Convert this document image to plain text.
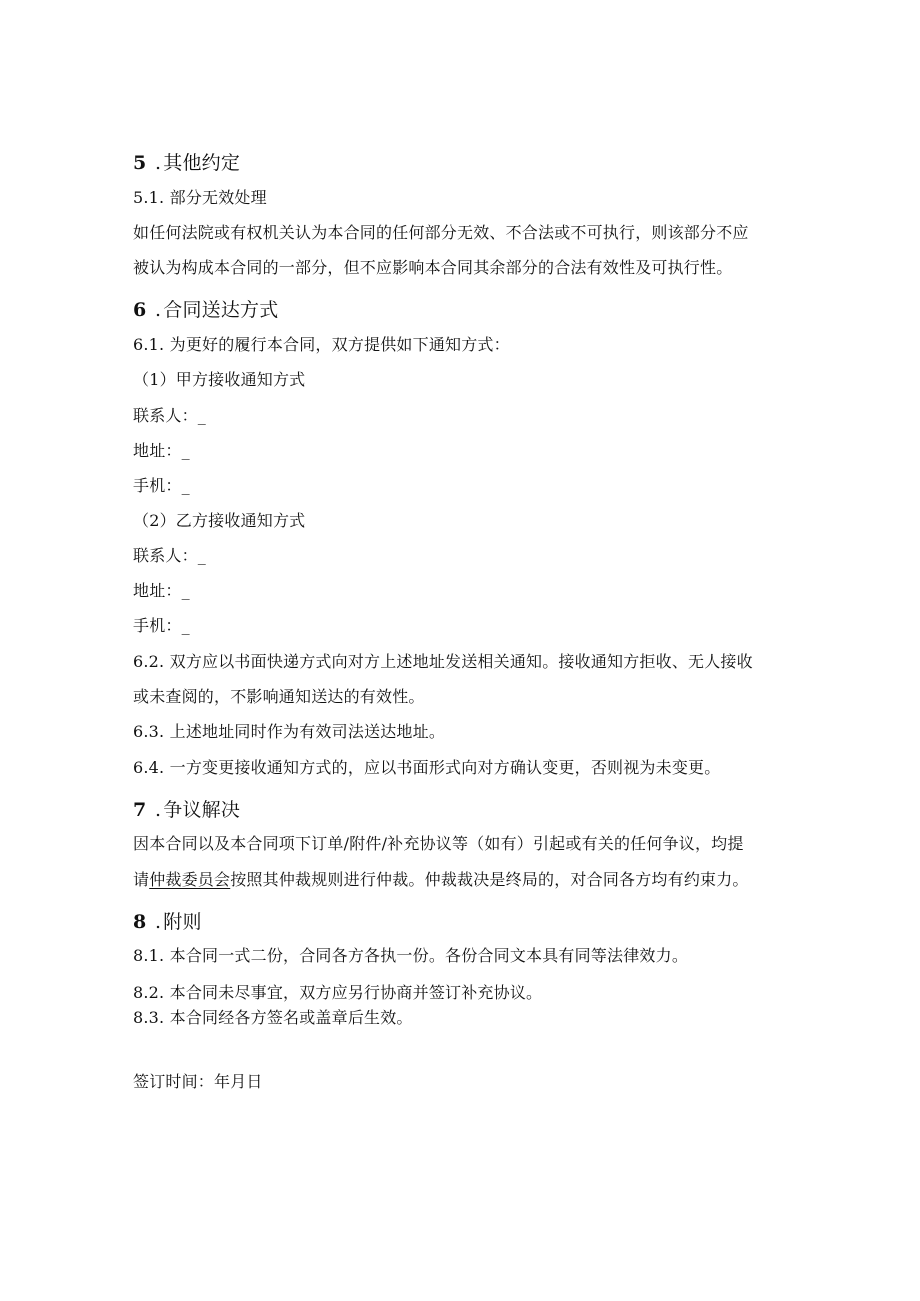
5 . 其他约定
5.1. 部分无效处理
如任何法院或有权机关认为本合同的任何部分无效、不合法或不可执行，则该部分不应
被认为构成本合同的一部分，但不应影响本合同其余部分的合法有效性及可执行性。
6 . 合同送达方式
6.1. 为更好的履行本合同，双方提供如下通知方式：
（1）甲方接收通知方式
联系人：_
地址：_
手机：_
（2）乙方接收通知方式
联系人：_
地址：_
手机：_
6.2. 双方应以书面快递方式向对方上述地址发送相关通知。接收通知方拒收、无人接收
或未查阅的，不影响通知送达的有效性。
6.3. 上述地址同时作为有效司法送达地址。
6.4. 一方变更接收通知方式的，应以书面形式向对方确认变更，否则视为未变更。
7 . 争议解决
因本合同以及本合同项下订单/附件/补充协议等（如有）引起或有关的任何争议，均提
请仲裁委员会按照其仲裁规则进行仲裁。仲裁裁决是终局的，对合同各方均有约束力。
8 . 附则
8.1. 本合同一式二份，合同各方各执一份。各份合同文本具有同等法律效力。
8.2. 本合同未尽事宜，双方应另行协商并签订补充协议。
8.3. 本合同经各方签名或盖章后生效。
签订时间：年月日
